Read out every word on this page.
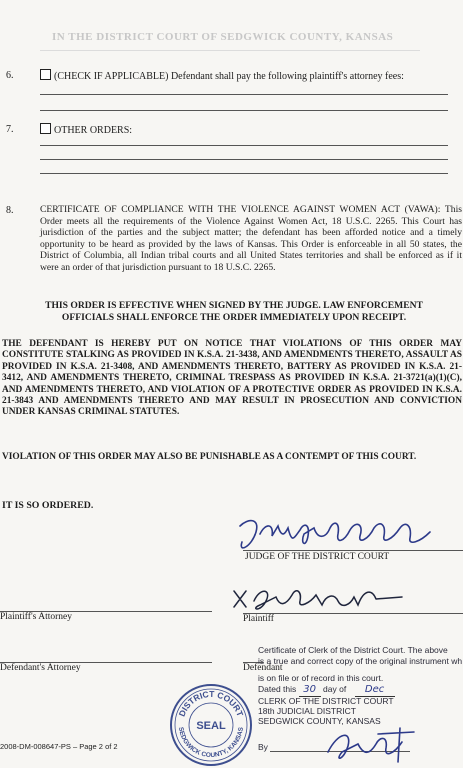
IN THE DISTRICT COURT OF SEDGWICK COUNTY, KANSAS
6.	(CHECK IF APPLICABLE) Defendant shall pay the following plaintiff's attorney fees:
7.	OTHER ORDERS:
8.	CERTIFICATE OF COMPLIANCE WITH THE VIOLENCE AGAINST WOMEN ACT (VAWA): This Order meets all the requirements of the Violence Against Women Act, 18 U.S.C. 2265. This Court has jurisdiction of the parties and the subject matter; the defendant has been afforded notice and a timely opportunity to be heard as provided by the laws of Kansas. This Order is enforceable in all 50 states, the District of Columbia, all Indian tribal courts and all United States territories and shall be enforced as if it were an order of that jurisdiction pursuant to 18 U.S.C. 2265.
THIS ORDER IS EFFECTIVE WHEN SIGNED BY THE JUDGE. LAW ENFORCEMENT OFFICIALS SHALL ENFORCE THE ORDER IMMEDIATELY UPON RECEIPT.
THE DEFENDANT IS HEREBY PUT ON NOTICE THAT VIOLATIONS OF THIS ORDER MAY CONSTITUTE STALKING AS PROVIDED IN K.S.A. 21-3438, AND AMENDMENTS THERETO, ASSAULT AS PROVIDED IN K.S.A. 21-3408, AND AMENDMENTS THERETO, BATTERY AS PROVIDED IN K.S.A. 21-3412, AND AMENDMENTS THERETO, CRIMINAL TRESPASS AS PROVIDED IN K.S.A. 21-3721(a)(1)(C), AND AMENDMENTS THERETO, AND VIOLATION OF A PROTECTIVE ORDER AS PROVIDED IN K.S.A. 21-3843 AND AMENDMENTS THERETO AND MAY RESULT IN PROSECUTION AND CONVICTION UNDER KANSAS CRIMINAL STATUTES.
VIOLATION OF THIS ORDER MAY ALSO BE PUNISHABLE AS A CONTEMPT OF THIS COURT.
IT IS SO ORDERED.
JUDGE OF THE DISTRICT COURT
Plaintiff
Plaintiff's Attorney
Defendant's Attorney	Defendant
Certificate of Clerk of the District Court. The above
is a true and correct copy of the original instrument wh
is on file or of record in this court.
Dated this 30 day of Dec
CLERK OF THE DISTRICT COURT
18th JUDICIAL DISTRICT
SEDGWICK COUNTY, KANSAS
By
DISTRICT COURT
SEDGWICK COUNTY, KANSAS
SEAL
2008-DM-008647-PS – Page 2 of 2
